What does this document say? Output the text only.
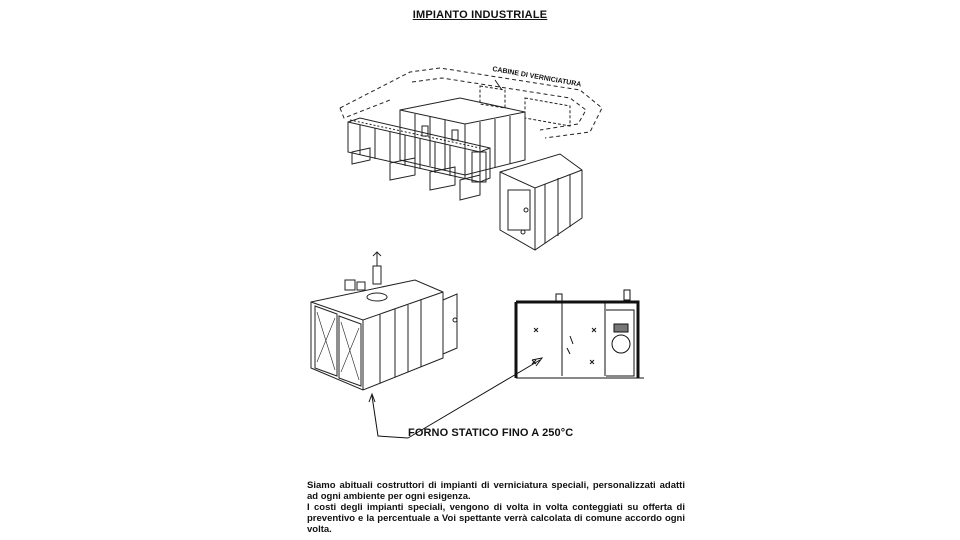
IMPIANTO INDUSTRIALE
CABINE DI VERNICIATURA
FORNO STATICO FINO A 250°C

Siamo abituali costruttori di impianti di verniciatura speciali, personalizzati adatti ad ogni ambiente per ogni esigenza.

I costi degli impianti speciali, vengono di volta in volta conteggiati su offerta di preventivo e la percentuale a Voi spettante verrà calcolata di comune accordo ogni volta.
